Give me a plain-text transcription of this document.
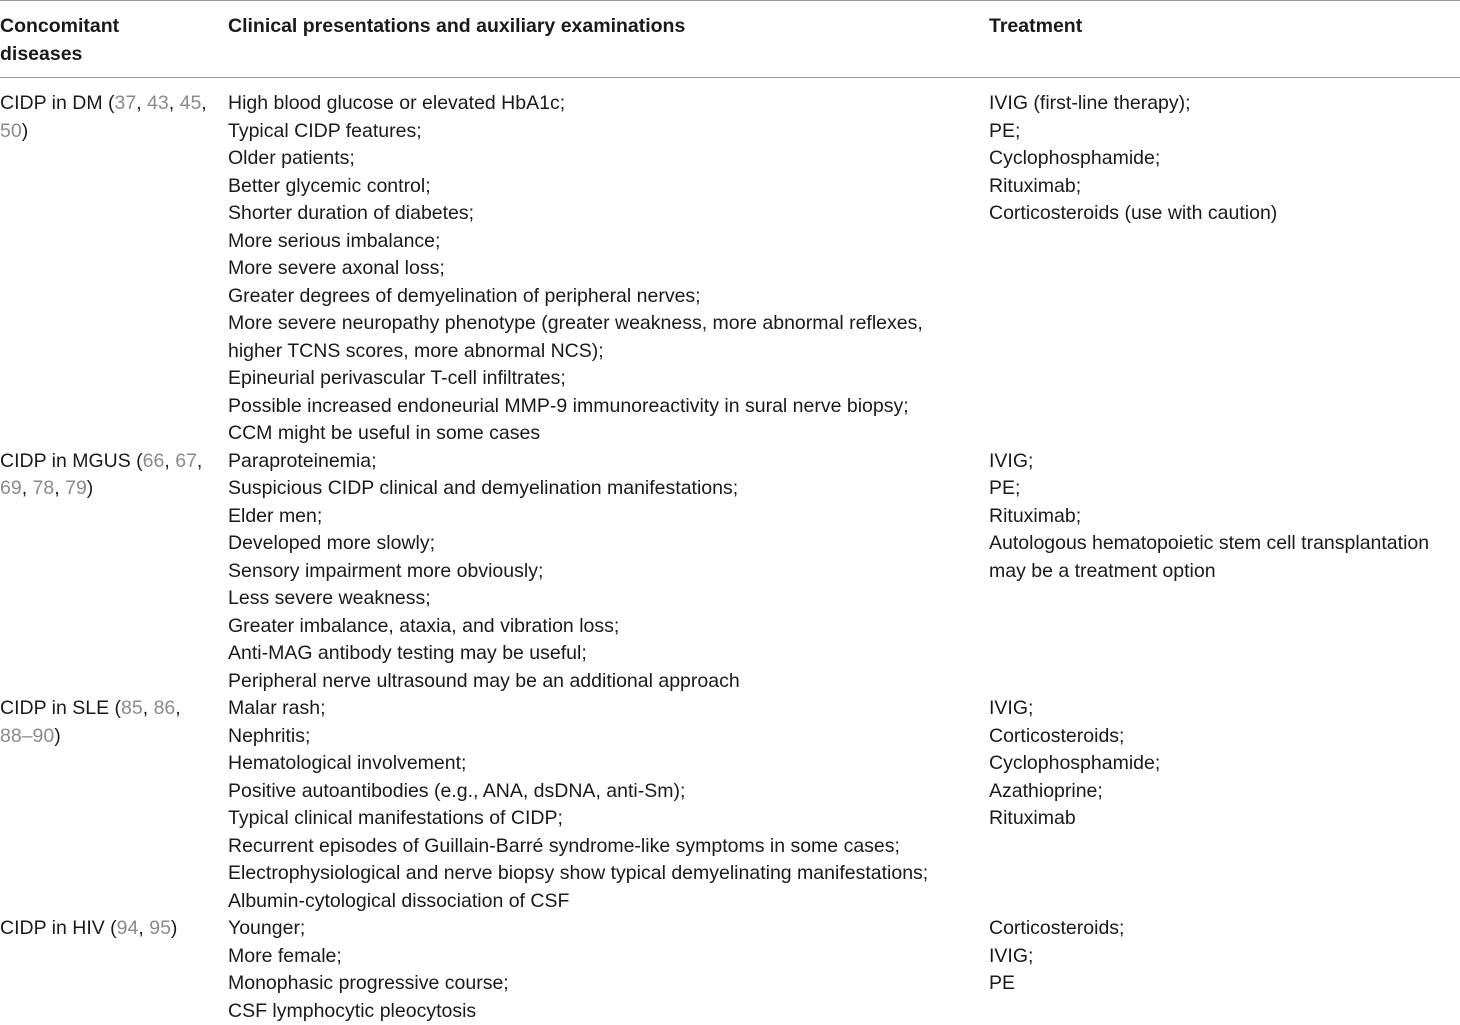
Concomitant
diseases
Clinical presentations and auxiliary examinations	Treatment
CIDP in DM (37, 43, 45,
50)
High blood glucose or elevated HbA1c;
Typical CIDP features;
Older patients;
Better glycemic control;
Shorter duration of diabetes;
More serious imbalance;
More severe axonal loss;
Greater degrees of demyelination of peripheral nerves;
More severe neuropathy phenotype (greater weakness, more abnormal reflexes,
higher TCNS scores, more abnormal NCS);
Epineurial perivascular T-cell infiltrates;
Possible increased endoneurial MMP-9 immunoreactivity in sural nerve biopsy;
CCM might be useful in some cases
IVIG (first-line therapy);
PE;
Cyclophosphamide;
Rituximab;
Corticosteroids (use with caution)
CIDP in MGUS (66, 67,
69, 78, 79)
Paraproteinemia;
Suspicious CIDP clinical and demyelination manifestations;
Elder men;
Developed more slowly;
Sensory impairment more obviously;
Less severe weakness;
Greater imbalance, ataxia, and vibration loss;
Anti-MAG antibody testing may be useful;
Peripheral nerve ultrasound may be an additional approach
IVIG;
PE;
Rituximab;
Autologous hematopoietic stem cell transplantation
may be a treatment option
CIDP in SLE (85, 86,
88–90)
Malar rash;
Nephritis;
Hematological involvement;
Positive autoantibodies (e.g., ANA, dsDNA, anti-Sm);
Typical clinical manifestations of CIDP;
Recurrent episodes of Guillain-Barré syndrome-like symptoms in some cases;
Electrophysiological and nerve biopsy show typical demyelinating manifestations;
Albumin-cytological dissociation of CSF
IVIG;
Corticosteroids;
Cyclophosphamide;
Azathioprine;
Rituximab
CIDP in HIV (94, 95)	Younger;
More female;
Monophasic progressive course;
CSF lymphocytic pleocytosis
Corticosteroids;
IVIG;
PE
